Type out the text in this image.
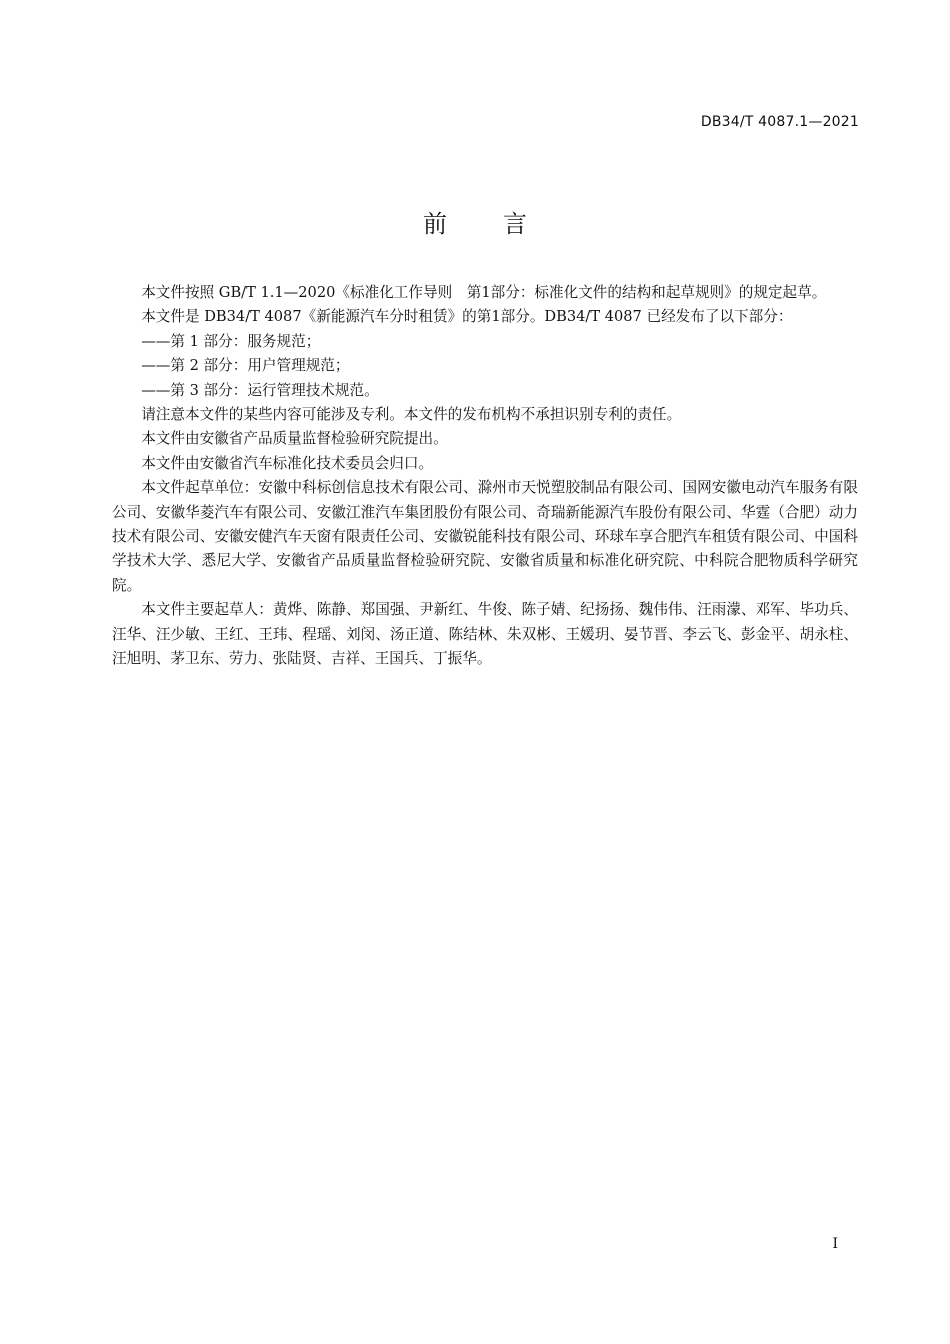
DB34/T 4087.1—2021
前 言

本文件按照 GB/T 1.1—2020《标准化工作导则　第1部分：标准化文件的结构和起草规则》的规定起草。

本文件是 DB34/T 4087《新能源汽车分时租赁》的第1部分。DB34/T 4087 已经发布了以下部分：

——第 1 部分：服务规范；

——第 2 部分：用户管理规范；

——第 3 部分：运行管理技术规范。

请注意本文件的某些内容可能涉及专利。本文件的发布机构不承担识别专利的责任。

本文件由安徽省产品质量监督检验研究院提出。

本文件由安徽省汽车标准化技术委员会归口。

本文件起草单位：安徽中科标创信息技术有限公司、滁州市天悦塑胶制品有限公司、国网安徽电动汽车服务有限公司、安徽华菱汽车有限公司、安徽江淮汽车集团股份有限公司、奇瑞新能源汽车股份有限公司、华霆（合肥）动力技术有限公司、安徽安健汽车天窗有限责任公司、安徽锐能科技有限公司、环球车享合肥汽车租赁有限公司、中国科学技术大学、悉尼大学、安徽省产品质量监督检验研究院、安徽省质量和标准化研究院、中科院合肥物质科学研究院。

本文件主要起草人：黄烨、陈静、郑国强、尹新红、牛俊、陈子婧、纪扬扬、魏伟伟、汪雨濛、邓军、毕功兵、汪华、汪少敏、王红、王玮、程瑶、刘闵、汤正道、陈结林、朱双彬、王媛玥、晏节晋、李云飞、彭金平、胡永柱、汪旭明、茅卫东、劳力、张陆贤、吉祥、王国兵、丁振华。

I
